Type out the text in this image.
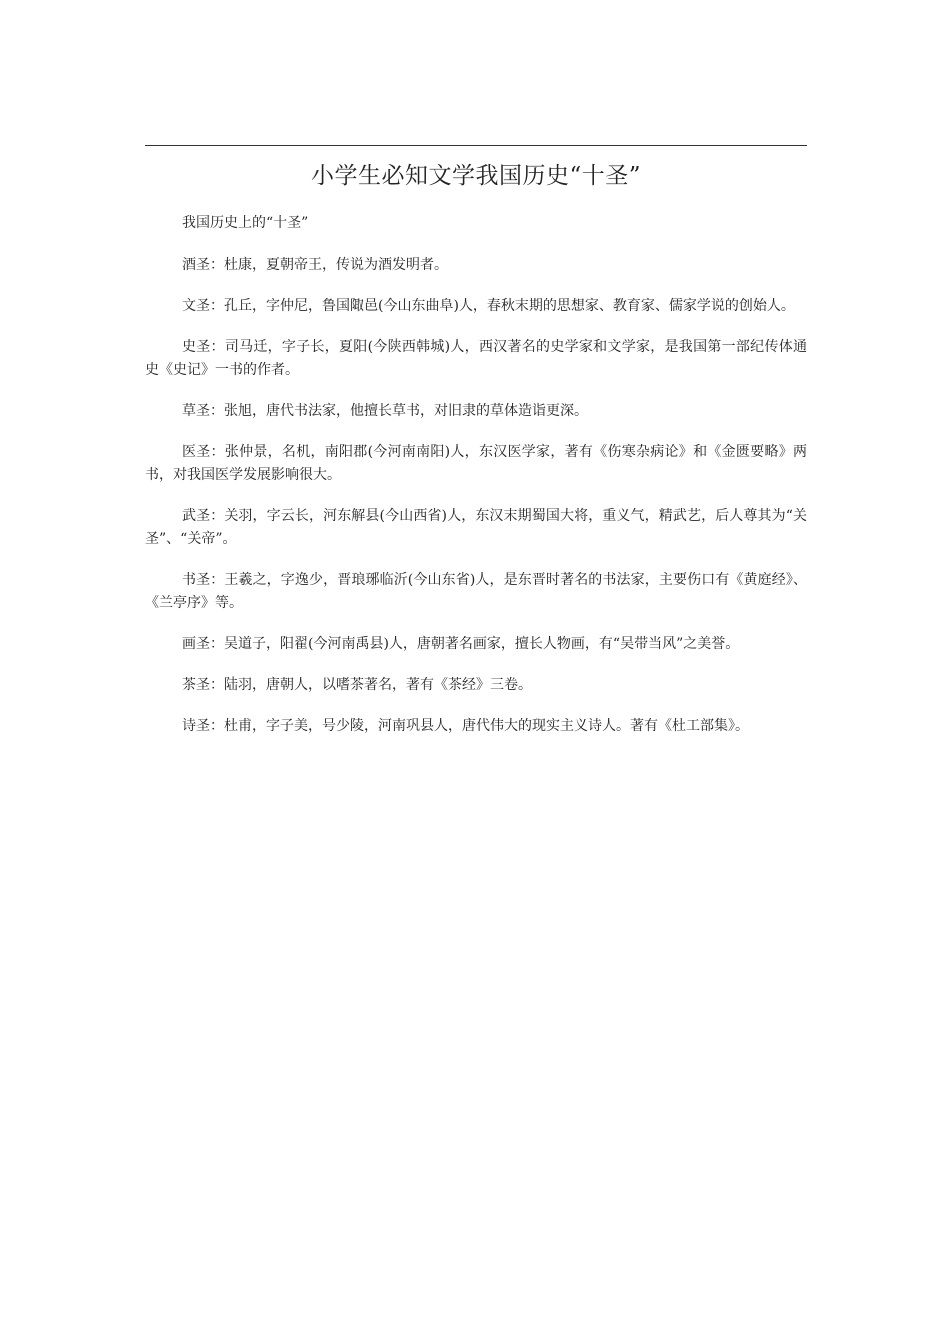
小学生必知文学我国历史“十圣”

我国历史上的“十圣”

酒圣：杜康，夏朝帝王，传说为酒发明者。

文圣：孔丘，字仲尼，鲁国陬邑(今山东曲阜)人，春秋末期的思想家、教育家、儒家学说的创始人。

史圣：司马迁，字子长，夏阳(今陕西韩城)人，西汉著名的史学家和文学家，是我国第一部纪传体通史《史记》一书的作者。

草圣：张旭，唐代书法家，他擅长草书，对旧隶的草体造诣更深。

医圣：张仲景，名机，南阳郡(今河南南阳)人，东汉医学家，著有《伤寒杂病论》和《金匮要略》两书，对我国医学发展影响很大。

武圣：关羽，字云长，河东解县(今山西省)人，东汉末期蜀国大将，重义气，精武艺，后人尊其为“关圣”、“关帝”。

书圣：王羲之，字逸少，晋琅琊临沂(今山东省)人，是东晋时著名的书法家，主要伤口有《黄庭经》、《兰亭序》等。

画圣：吴道子，阳翟(今河南禹县)人，唐朝著名画家，擅长人物画，有“吴带当风”之美誉。

茶圣：陆羽，唐朝人，以嗜茶著名，著有《茶经》三卷。

诗圣：杜甫，字子美，号少陵，河南巩县人，唐代伟大的现实主义诗人。著有《杜工部集》。
